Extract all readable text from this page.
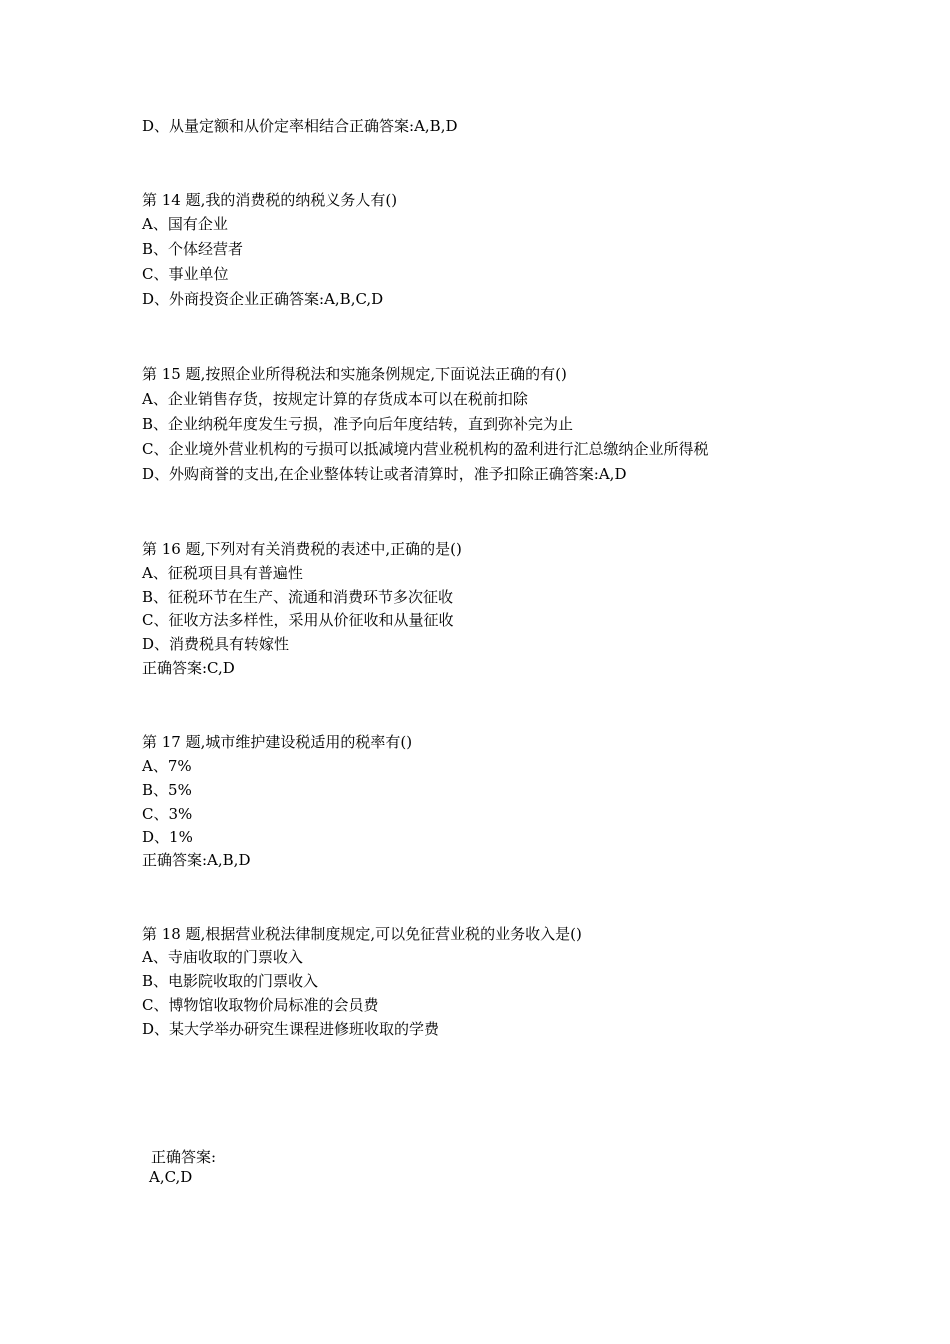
D、从量定额和从价定率相结合正确答案:A,B,D
第 14 题,我的消费税的纳税义务人有()
A、国有企业
B、个体经营者
C、事业单位
D、外商投资企业正确答案:A,B,C,D
第 15 题,按照企业所得税法和实施条例规定,下面说法正确的有()
A、企业销售存货，按规定计算的存货成本可以在税前扣除
B、企业纳税年度发生亏损，准予向后年度结转，直到弥补完为止
C、企业境外营业机构的亏损可以抵减境内营业税机构的盈利进行汇总缴纳企业所得税
D、外购商誉的支出,在企业整体转让或者清算时，准予扣除正确答案:A,D
第 16 题,下列对有关消费税的表述中,正确的是()
A、征税项目具有普遍性
B、征税环节在生产、流通和消费环节多次征收
C、征收方法多样性，采用从价征收和从量征收
D、消费税具有转嫁性
正确答案:C,D
第 17 题,城市维护建设税适用的税率有()
A、7%
B、5%
C、3%
D、1%
正确答案:A,B,D
第 18 题,根据营业税法律制度规定,可以免征营业税的业务收入是()
A、寺庙收取的门票收入
B、电影院收取的门票收入
C、博物馆收取物价局标准的会员费
D、某大学举办研究生课程进修班收取的学费
正确答案:
A,C,D
